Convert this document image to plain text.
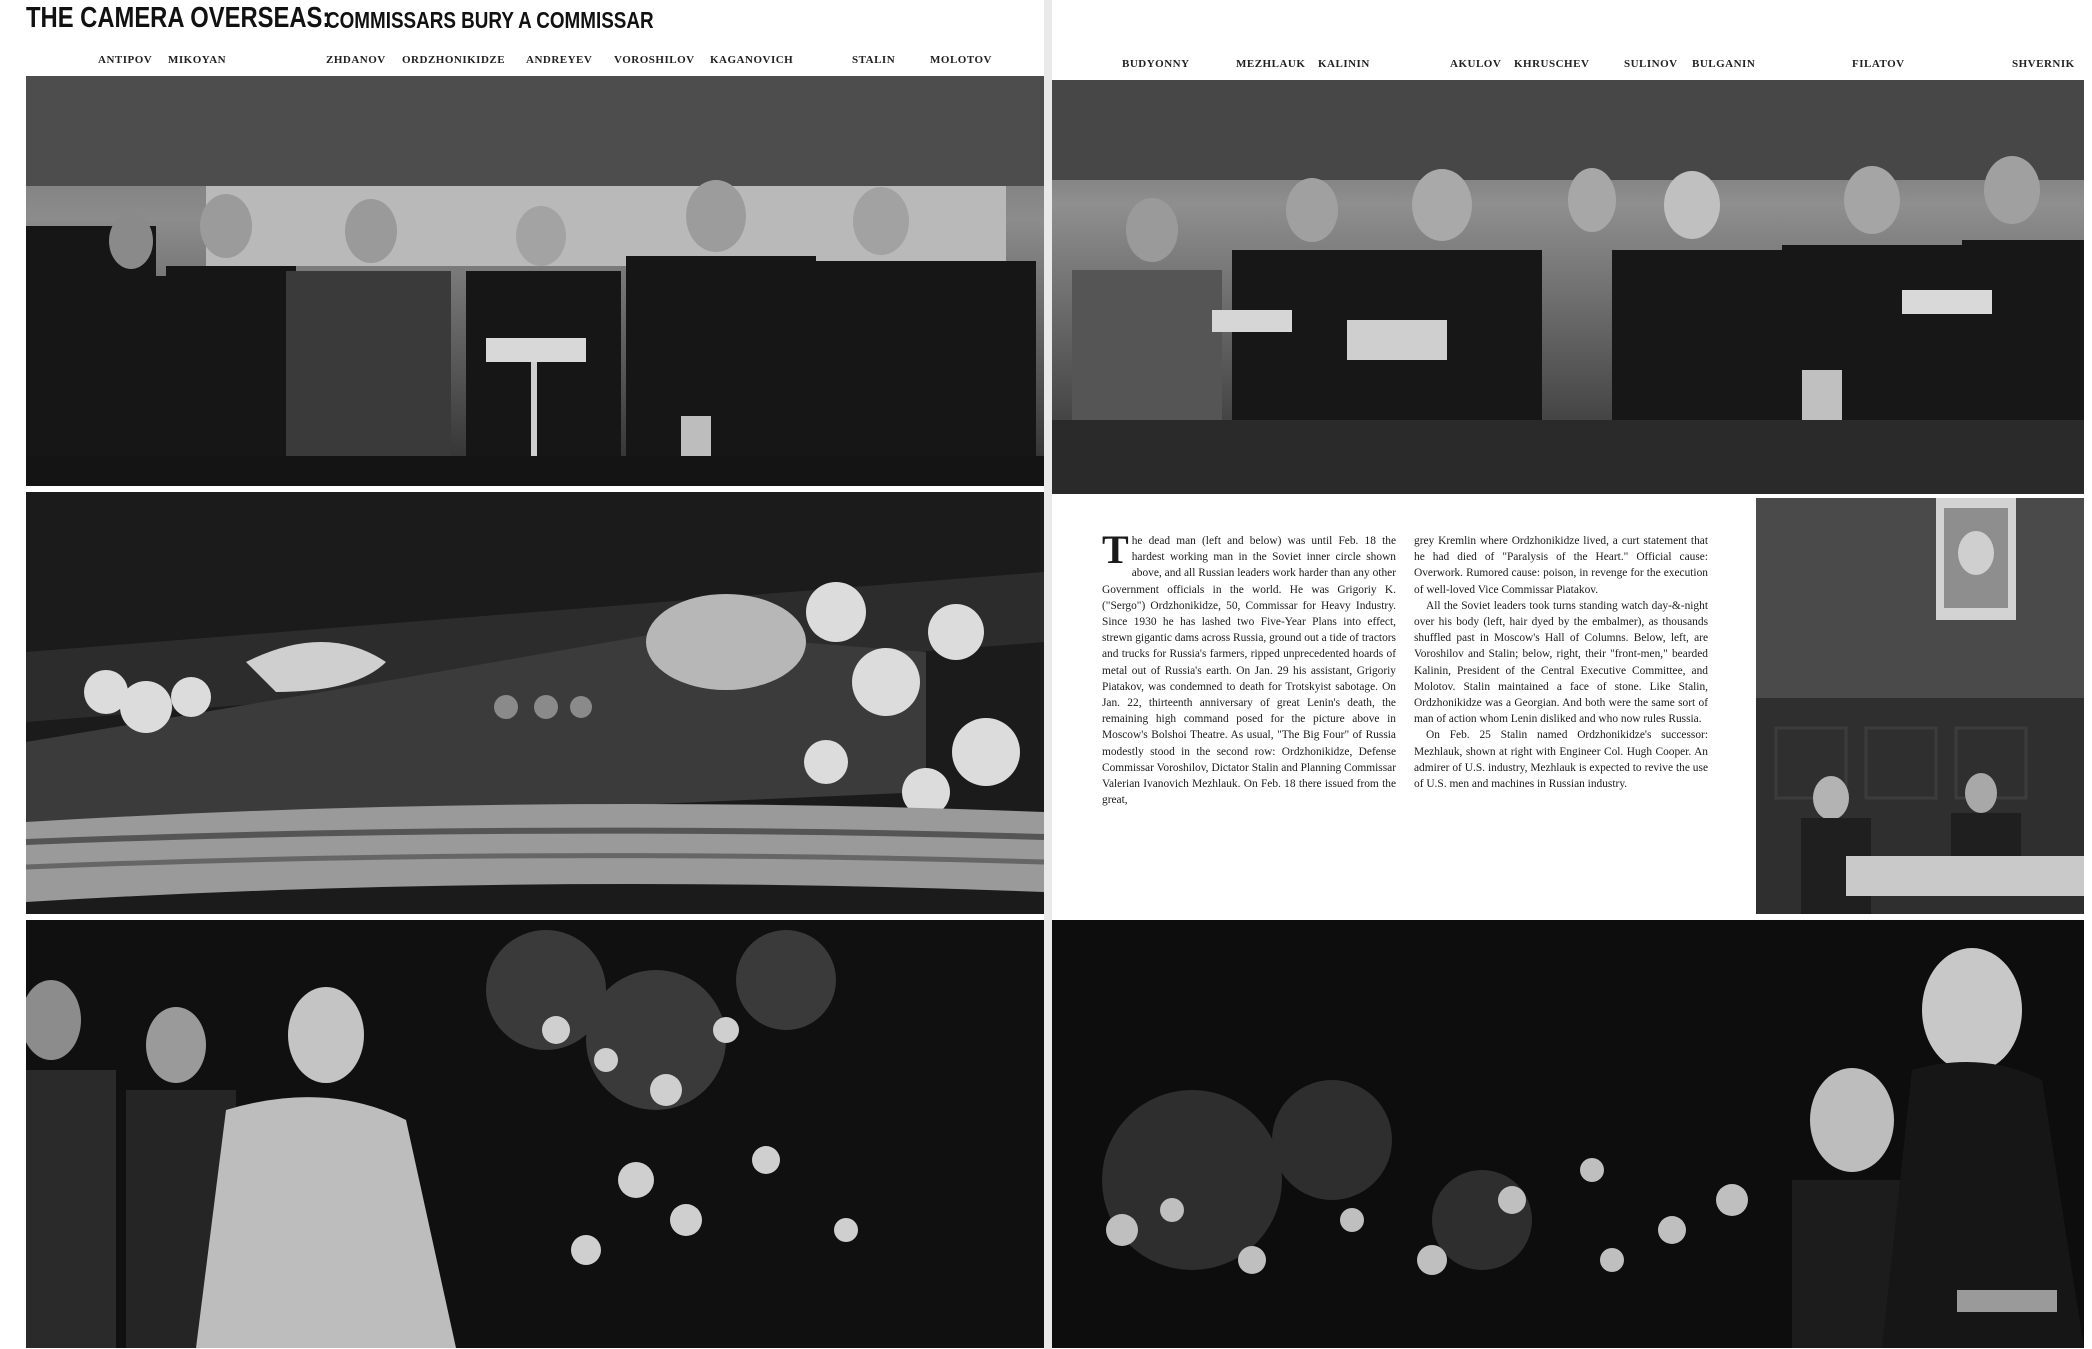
THE CAMERA OVERSEAS:
COMMISSARS BURY A COMMISSAR
ANTIPOV MIKOYAN	ZHDANOV ORDZHONIKIDZE ANDREYEV VOROSHILOV KAGANOVICH	STALIN	MOLOTOV	BUDYONNY	MEZHLAUK KALININ	AKULOV KHRUSCHEV	SULINOV BULGANIN	FILATOV	SHVERNIK

The dead man (left and below) was until Feb. 18 the hardest working man in the Soviet inner circle shown above, and all Russian leaders work harder than any other Government officials in the world. He was Grigoriy K. ("Sergo") Ordzhonikidze, 50, Commissar for Heavy Industry. Since 1930 he has lashed two Five-Year Plans into effect, strewn gigantic dams across Russia, ground out a tide of tractors and trucks for Russia's farmers, ripped unprecedented hoards of metal out of Russia's earth. On Jan. 29 his assistant, Grigoriy Piatakov, was condemned to death for Trotskyist sabotage. On Jan. 22, thirteenth anniversary of great Lenin's death, the remaining high command posed for the picture above in Moscow's Bolshoi Theatre. As usual, "The Big Four" of Russia modestly stood in the second row: Ordzhonikidze, Defense Commissar Voroshilov, Dictator Stalin and Planning Commissar Valerian Ivanovich Mezhlauk. On Feb. 18 there issued from the great,

grey Kremlin where Ordzhonikidze lived, a curt statement that he had died of "Paralysis of the Heart." Official cause: Overwork. Rumored cause: poison, in revenge for the execution of well-loved Vice Commissar Piatakov.

All the Soviet leaders took turns standing watch day-&-night over his body (left, hair dyed by the embalmer), as thousands shuffled past in Moscow's Hall of Columns. Below, left, are Voroshilov and Stalin; below, right, their "front-men," bearded Kalinin, President of the Central Executive Committee, and Molotov. Stalin maintained a face of stone. Like Stalin, Ordzhonikidze was a Georgian. And both were the same sort of man of action whom Lenin disliked and who now rules Russia.

On Feb. 25 Stalin named Ordzhonikidze's successor: Mezhlauk, shown at right with Engineer Col. Hugh Cooper. An admirer of U.S. industry, Mezhlauk is expected to revive the use of U.S. men and machines in Russian industry.
